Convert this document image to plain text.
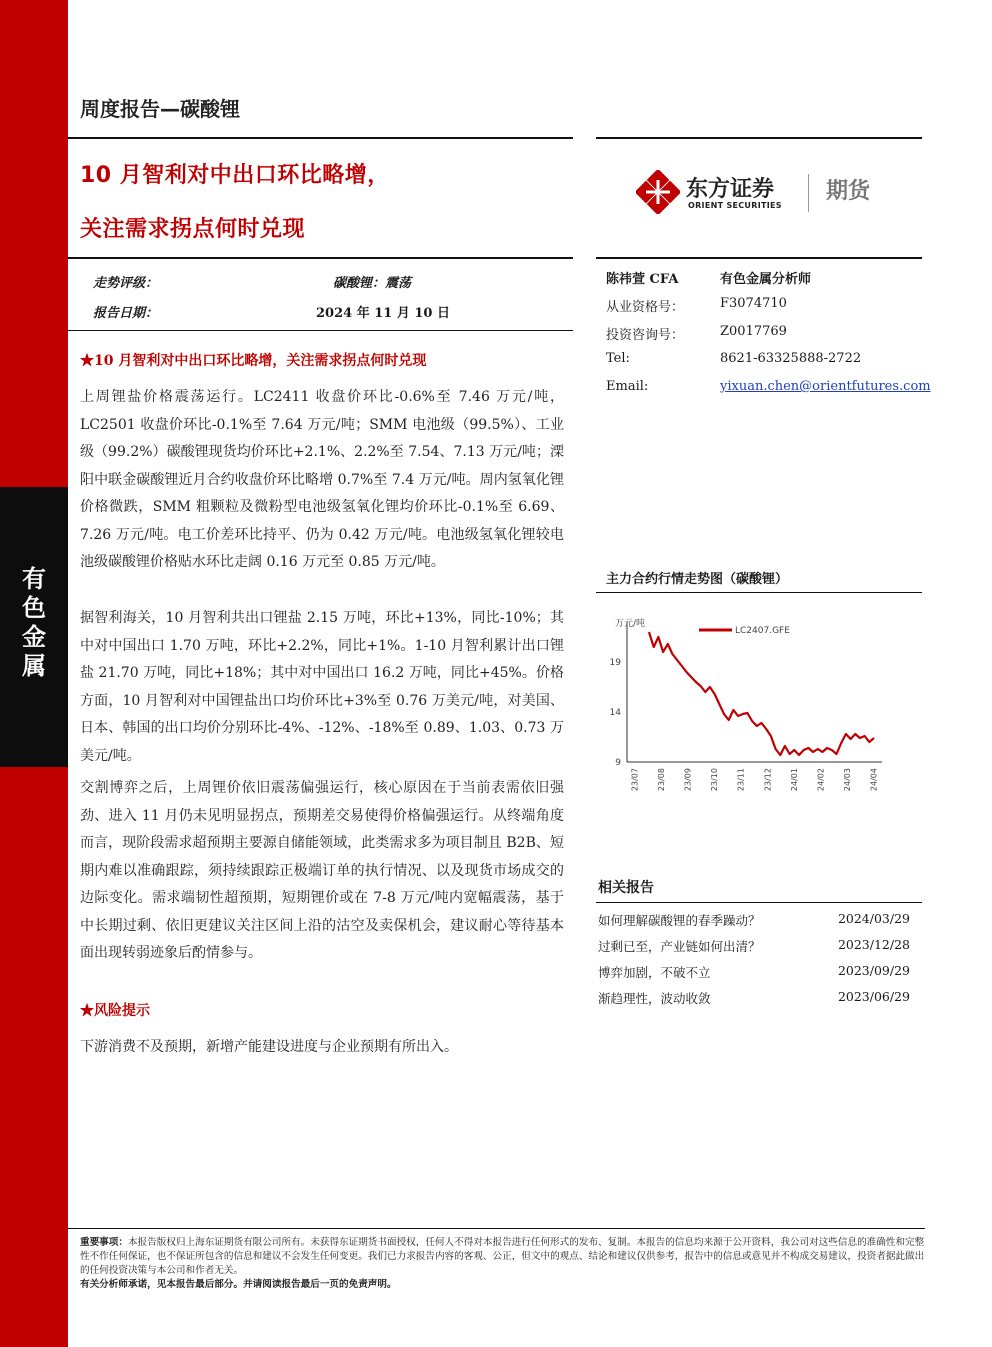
有
色
金
属
周度报告—碳酸锂
10 月智利对中出口环比略增，
关注需求拐点何时兑现
东方证券
ORIENT SECURITIES
期货
走势评级：	碳酸锂：震荡
报告日期：	2024 年 11 月 10 日
陈祎萱 CFA	有色金属分析师
从业资格号：	F3074710
投资咨询号：	Z0017769
Tel:	8621-63325888-2722
Email:	yixuan.chen@orientfutures.com
★10 月智利对中出口环比略增，关注需求拐点何时兑现
上周锂盐价格震荡运行。LC2411 收盘价环比-0.6%至 7.46 万元/吨，LC2501 收盘价环比-0.1%至 7.64 万元/吨；SMM 电池级（99.5%）、工业级（99.2%）碳酸锂现货均价环比+2.1%、2.2%至 7.54、7.13 万元/吨；溧阳中联金碳酸锂近月合约收盘价环比略增 0.7%至 7.4 万元/吨。周内氢氧化锂价格微跌，SMM 粗颗粒及微粉型电池级氢氧化锂均价环比-0.1%至 6.69、7.26 万元/吨。电工价差环比持平、仍为 0.42 万元/吨。电池级氢氧化锂较电池级碳酸锂价格贴水环比走阔 0.16 万元至 0.85 万元/吨。
据智利海关，10 月智利共出口锂盐 2.15 万吨，环比+13%，同比-10%；其中对中国出口 1.70 万吨，环比+2.2%，同比+1%。1-10 月智利累计出口锂盐 21.70 万吨，同比+18%；其中对中国出口 16.2 万吨，同比+45%。价格方面，10 月智利对中国锂盐出口均价环比+3%至 0.76 万美元/吨，对美国、日本、韩国的出口均价分别环比-4%、-12%、-18%至 0.89、1.03、0.73 万美元/吨。
交割博弈之后，上周锂价依旧震荡偏强运行，核心原因在于当前表需依旧强劲、进入 11 月仍未见明显拐点，预期差交易使得价格偏强运行。从终端角度而言，现阶段需求超预期主要源自储能领域，此类需求多为项目制且 B2B、短期内难以准确跟踪，须持续跟踪正极端订单的执行情况、以及现货市场成交的边际变化。需求端韧性超预期，短期锂价或在 7-8 万元/吨内宽幅震荡，基于中长期过剩、依旧更建议关注区间上沿的沽空及卖保机会，建议耐心等待基本面出现转弱迹象后酌情参与。
★风险提示
下游消费不及预期，新增产能建设进度与企业预期有所出入。
主力合约行情走势图（碳酸锂）
万元/吨
9
14
19
23/07 23/08 23/09 23/10 23/11 23/12 24/01 24/02 24/03 24/04
LC2407.GFE
相关报告
如何理解碳酸锂的春季躁动？	2024/03/29
过剩已至，产业链如何出清？	2023/12/28
博弈加剧，不破不立	2023/09/29
渐趋理性，波动收敛	2023/06/29
重要事项：本报告版权归上海东证期货有限公司所有。未获得东证期货书面授权，任何人不得对本报告进行任何形式的发布、复制。本报告的信息均来源于公开资料，我公司对这些信息的准确性和完整性不作任何保证，也不保证所包含的信息和建议不会发生任何变更。我们已力求报告内容的客观、公正，但文中的观点、结论和建议仅供参考，报告中的信息或意见并不构成交易建议，投资者据此做出的任何投资决策与本公司和作者无关。
有关分析师承诺，见本报告最后部分。并请阅读报告最后一页的免责声明。
